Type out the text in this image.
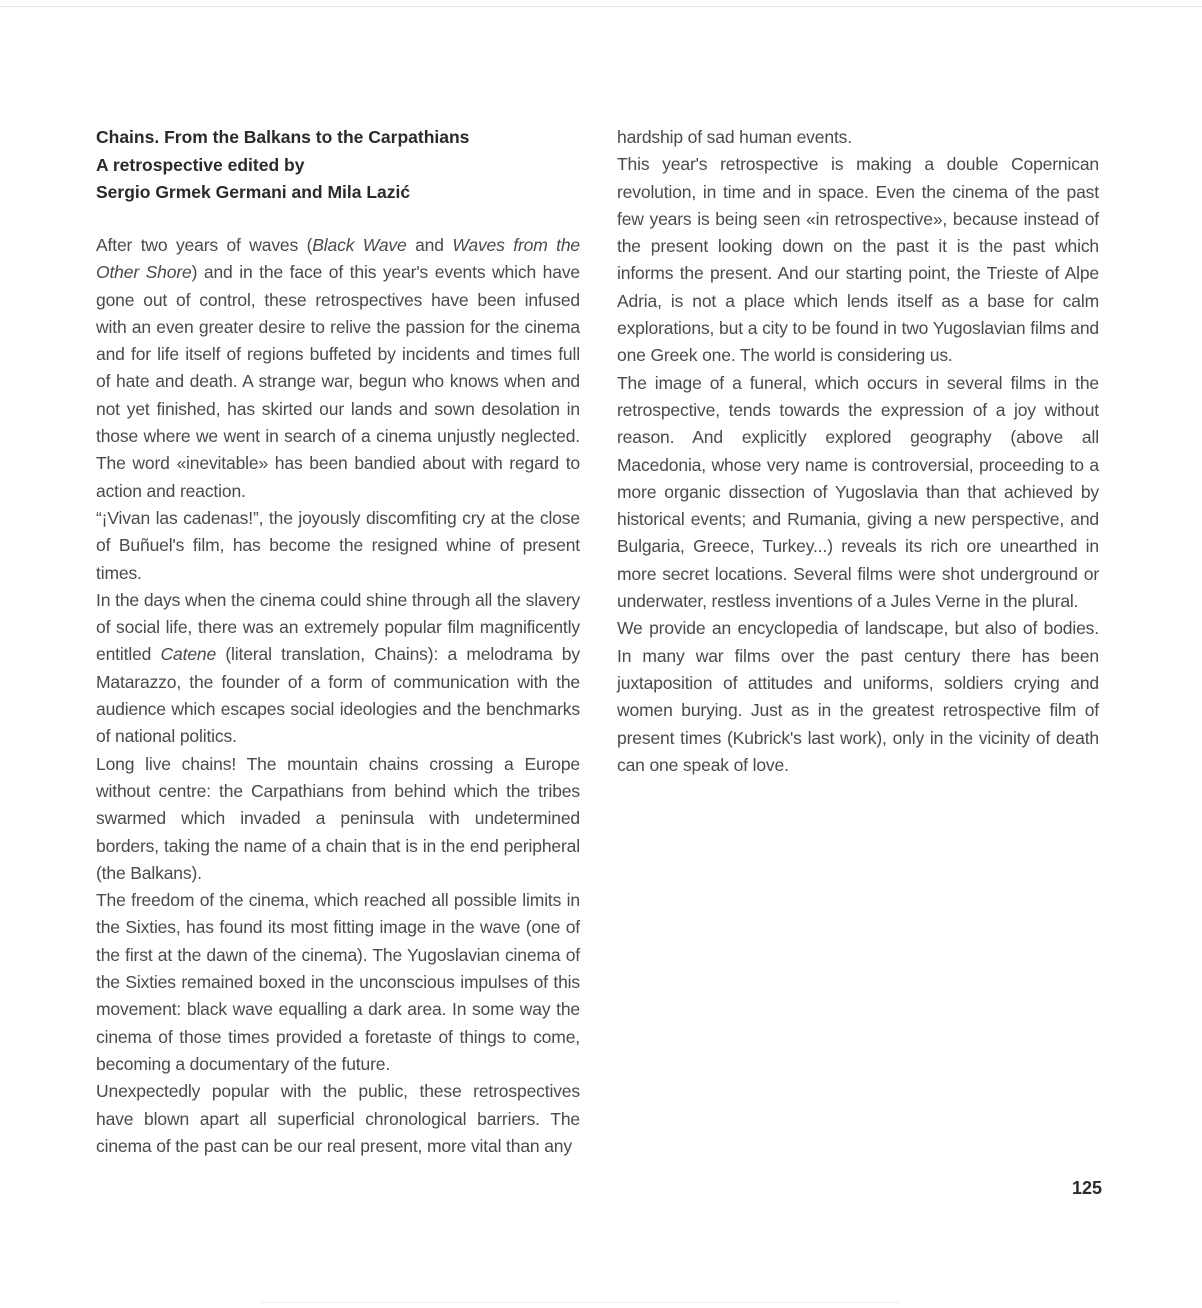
Chains. From the Balkans to the Carpathians
A retrospective edited by
Sergio Grmek Germani and Mila Lazić

After two years of waves (Black Wave and Waves from the Other Shore) and in the face of this year's events which have gone out of control, these retrospectives have been infused with an even greater desire to relive the passion for the cinema and for life itself of regions buffeted by incidents and times full of hate and death. A strange war, begun who knows when and not yet finished, has skirted our lands and sown desolation in those where we went in search of a cinema unjustly neglected. The word «inevitable» has been bandied about with regard to action and reaction.

“¡Vivan las cadenas!”, the joyously discomfiting cry at the close of Buñuel's film, has become the resigned whine of present times.

In the days when the cinema could shine through all the slavery of social life, there was an extremely popular film magnificently entitled Catene (literal translation, Chains): a melodrama by Matarazzo, the founder of a form of communication with the audience which escapes social ideologies and the benchmarks of national politics.

Long live chains! The mountain chains crossing a Europe without centre: the Carpathians from behind which the tribes swarmed which invaded a peninsula with undetermined borders, taking the name of a chain that is in the end peripheral (the Balkans).

The freedom of the cinema, which reached all possible limits in the Sixties, has found its most fitting image in the wave (one of the first at the dawn of the cinema). The Yugoslavian cinema of the Sixties remained boxed in the unconscious impulses of this movement: black wave equalling a dark area. In some way the cinema of those times provided a foretaste of things to come, becoming a documentary of the future.

Unexpectedly popular with the public, these retrospectives have blown apart all superficial chronological barriers. The cinema of the past can be our real present, more vital than any

hardship of sad human events.

This year's retrospective is making a double Copernican revolution, in time and in space. Even the cinema of the past few years is being seen «in retrospective», because instead of the present looking down on the past it is the past which informs the present. And our starting point, the Trieste of Alpe Adria, is not a place which lends itself as a base for calm explorations, but a city to be found in two Yugoslavian films and one Greek one. The world is considering us.

The image of a funeral, which occurs in several films in the retrospective, tends towards the expression of a joy without reason. And explicitly explored geography (above all Macedonia, whose very name is controversial, proceeding to a more organic dissection of Yugoslavia than that achieved by historical events; and Rumania, giving a new perspective, and Bulgaria, Greece, Turkey...) reveals its rich ore unearthed in more secret locations. Several films were shot underground or underwater, restless inventions of a Jules Verne in the plural.

We provide an encyclopedia of landscape, but also of bodies. In many war films over the past century there has been juxtaposition of attitudes and uniforms, soldiers crying and women burying. Just as in the greatest retrospective film of present times (Kubrick's last work), only in the vicinity of death can one speak of love.

125
